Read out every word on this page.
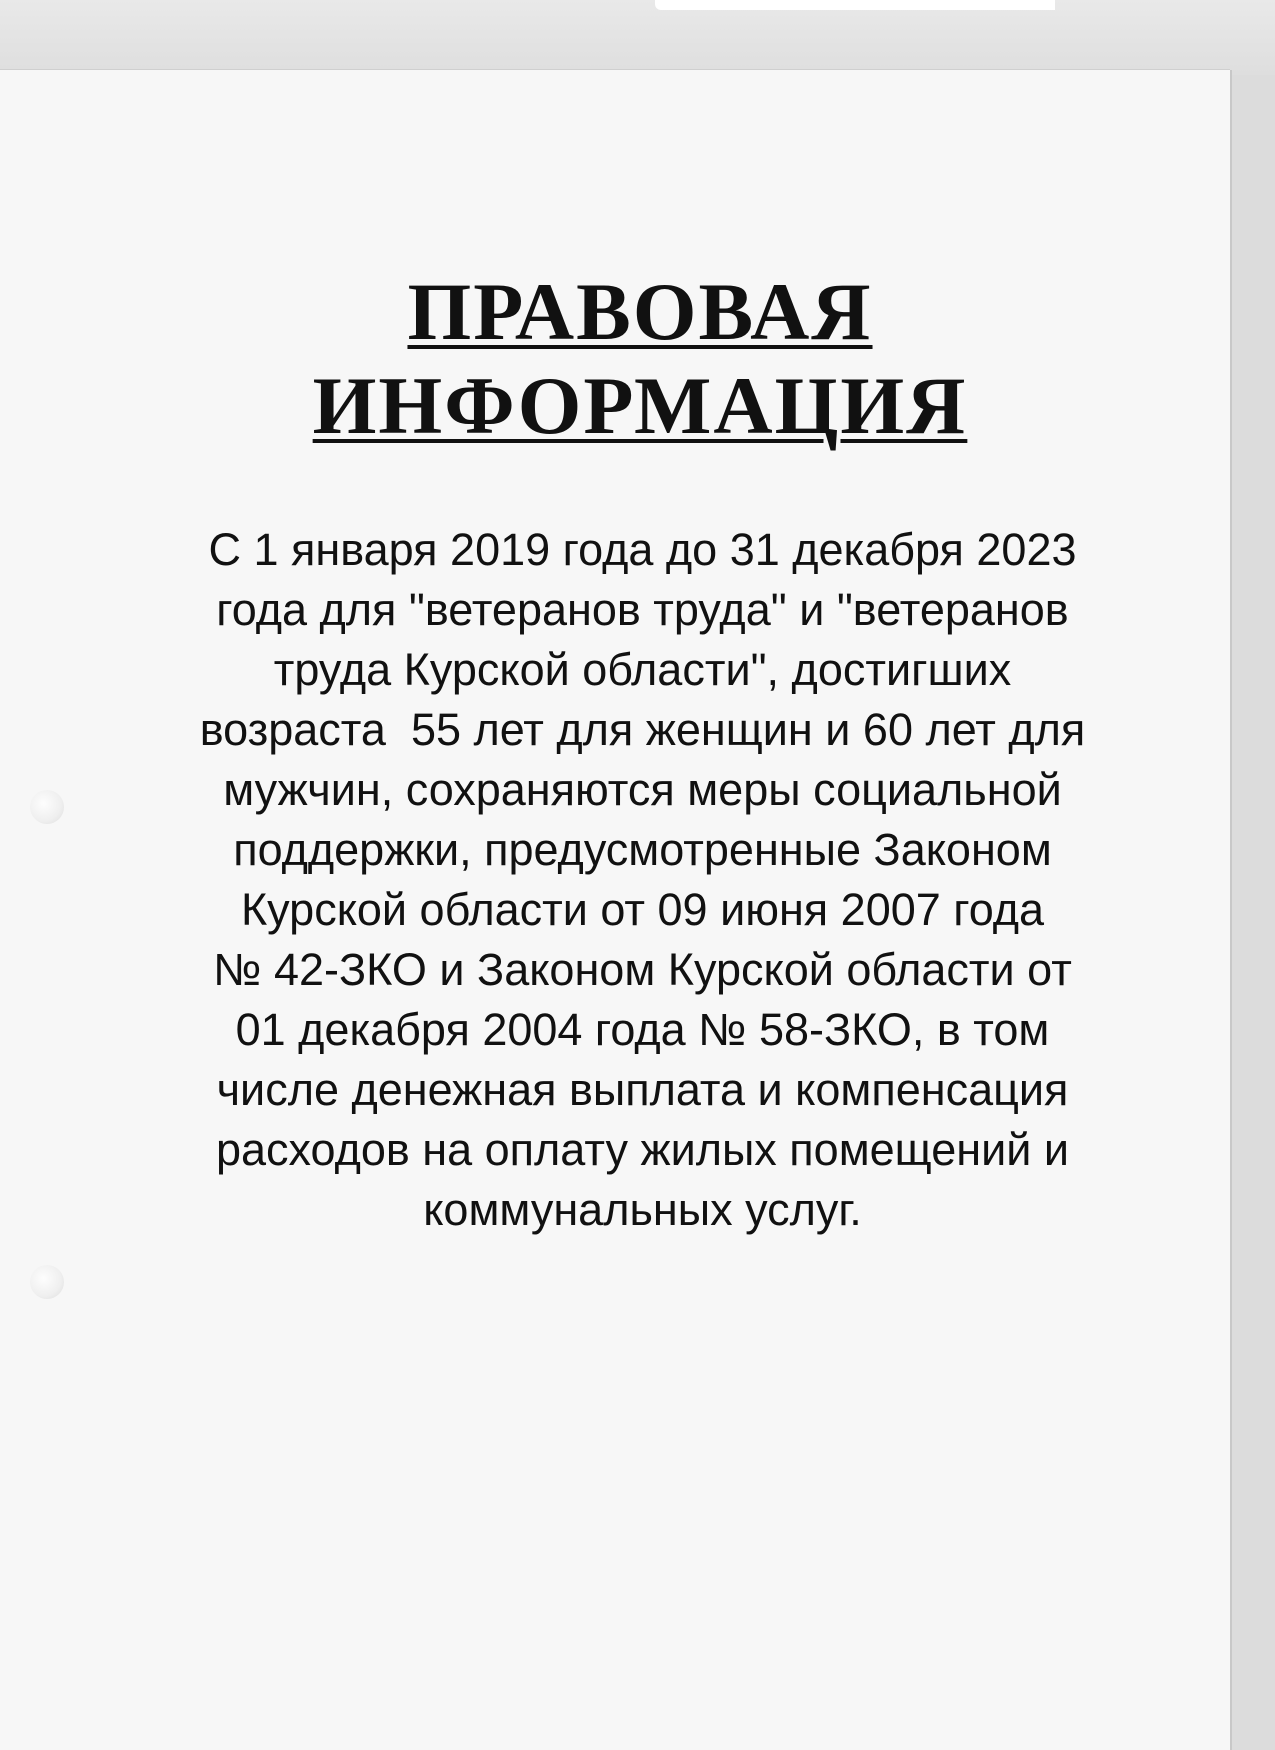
ПРАВОВАЯ
ИНФОРМАЦИЯ
С 1 января 2019 года до 31 декабря 2023
года для "ветеранов труда" и "ветеранов
труда Курской области", достигших
возраста  55 лет для женщин и 60 лет для
мужчин, сохраняются меры социальной
поддержки, предусмотренные Законом
Курской области от 09 июня 2007 года
№ 42-ЗКО и Законом Курской области от
01 декабря 2004 года № 58-ЗКО, в том
числе денежная выплата и компенсация
расходов на оплату жилых помещений и
коммунальных услуг.
